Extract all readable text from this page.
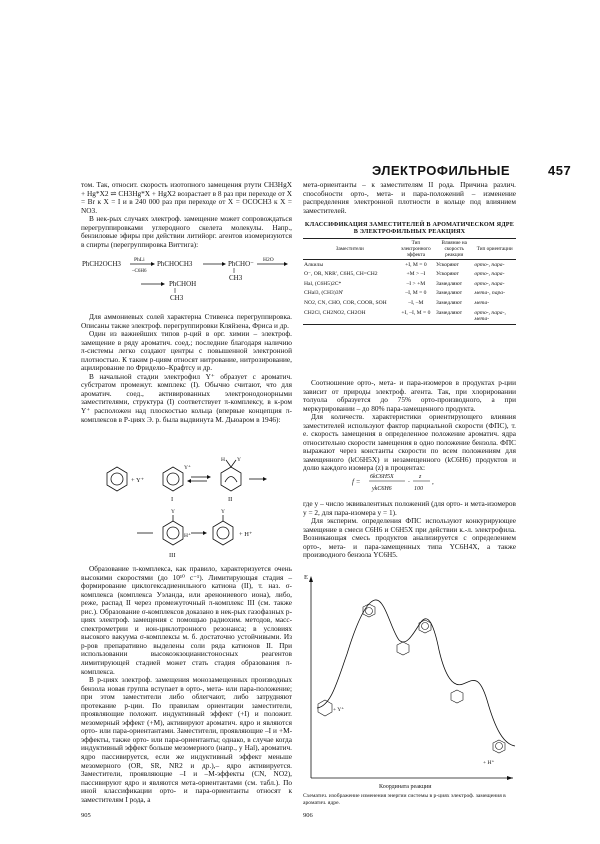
ЭЛЕКТРОФИЛЬНЫЕ	457

том. Так, относит. скорость изотопного замещения ртути CH3HgX + Hg*X2 ⇌ CH3Hg*X + HgX2 возрастает в 8 раз при переходе от X = Br к X = I и в 240 000 раз при переходе от X = OCOCH3 к X = NO3.

В нек-рых случаях электроф. замещение может сопровождаться перегруппировками углеродного скелета молекулы. Напр., бензиловые эфиры при действии литийорг. агентов изомеризуются в спирты (перегруппировка Виттига):

PhCH2OCH3 PhLi
–C6H6
PhCHOCH3	PhCHO⁻
CH3
H2O
PhCHOH
CH3

Для аммониевых солей характерна Стивенса перегруппировка. Описаны также электроф. перегруппировки Кляйзена, Фриса и др.

Один из важнейших типов р-ций в орг. химии – электроф. замещение в ряду ароматич. соед.; последние благодаря наличию π-системы легко создают центры с повышенной электронной плотностью. К таким р-циям относят нитрование, нитрозирование, ацилирование по Фриделю–Крафтсу и др.

В начальной стадии электрофил Y⁺ образует с ароматич. субстратом промежут. комплекс (I). Обычно считают, что для ароматич. соед., активированных электронодонорными заместителями, структура (I) соответствует π-комплексу, в к-ром Y⁺ расположен над плоскостью кольца (впервые концепция π-комплексов в Р-циях Э. р. была выдвинута М. Дьюаром в 1946):

+ Y⁺
Y⁺
I
H Y
II
Y
H⁺
III
Y
+ H⁺

Образование π-комплекса, как правило, характеризуется очень высокими скоростями (до 10¹⁰ с⁻¹). Лимитирующая стадия – формирование циклогексадиенильного катиона (II), т. наз. σ-комплекса (комплекса Уэланда, или аренониевого иона), либо, реже, распад II через промежуточный π-комплекс III (см. также рис.). Образование σ-комплексов доказано в нек-рых газофазных р-циях электроф. замещения с помощью радиохим. методов, масс-спектрометрии и ион-циклотронного резонанса; в условиях высокого вакуума σ-комплексы м. б. достаточно устойчивыми. Из р-ров препаративно выделены соли ряда катионов II. При использовании высокоэкзоцианистоносных реагентов лимитирующей стадией может стать стадия образования π-комплекса.

В р-циях электроф. замещения монозамещенных производных бензола новая группа вступает в орто-, мета- или пара-положение; при этом заместители либо облегчают, либо затрудняют протекание р-ции. По правилам ориентации заместители, проявляющие положит. индуктивный эффект (+I) и положит. мезомерный эффект (+M), активируют ароматич. ядро и являются орто- или пара-ориентантами. Заместители, проявляющие –I и +M-эффекты, также орто- или пара-ориентанты; однако, в случае когда индуктивный эффект больше мезомерного (напр., у Hal), ароматич. ядро пассивируется, если же индуктивный эффект меньше мезомерного (OR, SR, NR2 и др.),– ядро активируется. Заместители, проявляющие –I и –M-эффекты (CN, NO2), пассивируют ядро и являются мета-ориентантами (см. табл.). По иной классификации орто- и пара-ориентанты относят к заместителям I рода, а

905

мета-ориентанты – к заместителям II рода. Причина различ. способности орто-, мета- и пара-положений – изменение распределения электронной плотности в кольце под влиянием заместителей.

КЛАССИФИКАЦИЯ ЗАМЕСТИТЕЛЕЙ В АРОМАТИЧЕСКОМ ЯДРЕ В ЭЛЕКТРОФИЛЬНЫХ РЕАКЦИЯХ
Заместители	Тип электронного эффекта	Влияние на скорость реакции	Тип ориентации
Алкилы	+I, M = 0	Ускоряют	орто-, пара-
O⁻, OR, NRR′, C6H5, CH=CH2	+M > –I	Ускоряют	орто-, пара-
Hal, (C6H5)2C*	–I > +M	Замедляют	орто-, пара-
CHal3, (CH3)3N̊	–I, M = 0	Замедляют	мета-, пара-
NO2, CN, CHO, COR, COOR, SOH	–I, –M	Замедляют	мета-
CH2Cl, CH2NO2, CH2OH	+I, –I, M = 0	Замедляют	орто-, пара-, мета-

Соотношение орто-, мета- и пара-изомеров в продуктах р-ции зависит от природы электроф. агента. Так, при хлорировании толуола образуется до 75% орто-производного, а при меркурировании – до 80% пара-замещенного продукта.

Для количеств. характеристики ориентирующего влияния заместителей используют фактор парциальной скорости (ФПС), т. е. скорость замещения в определенное положение ароматич. ядра относительно скорости замещения в одно положение бензола. ФПС выражают через константы скорости по всем положениям для замещенного (kC6H5X) и незамещенного (kC6H6) продуктов и долю каждого изомера (z) в процентах:

f =
6kC6H5X
ykC6H6
·
z
100
,

где y – число эквивалентных положений (для орто- и мета-изомеров y = 2, для пара-изомера y = 1).

Для эксперим. определения ФПС используют конкурирующее замещение в смеси C6H6 и C6H5X при действии к.-л. электрофила. Возникающая смесь продуктов анализируется с определением орто-, мета- и пара-замещенных типа YC6H4X, а также производного бензола YC6H5.

E
+ Y⁺
+ H⁺
Координата реакции
Схематич. изображение изменения энергии системы в р-циях электроф. замещения в ароматич. ядре.
906
